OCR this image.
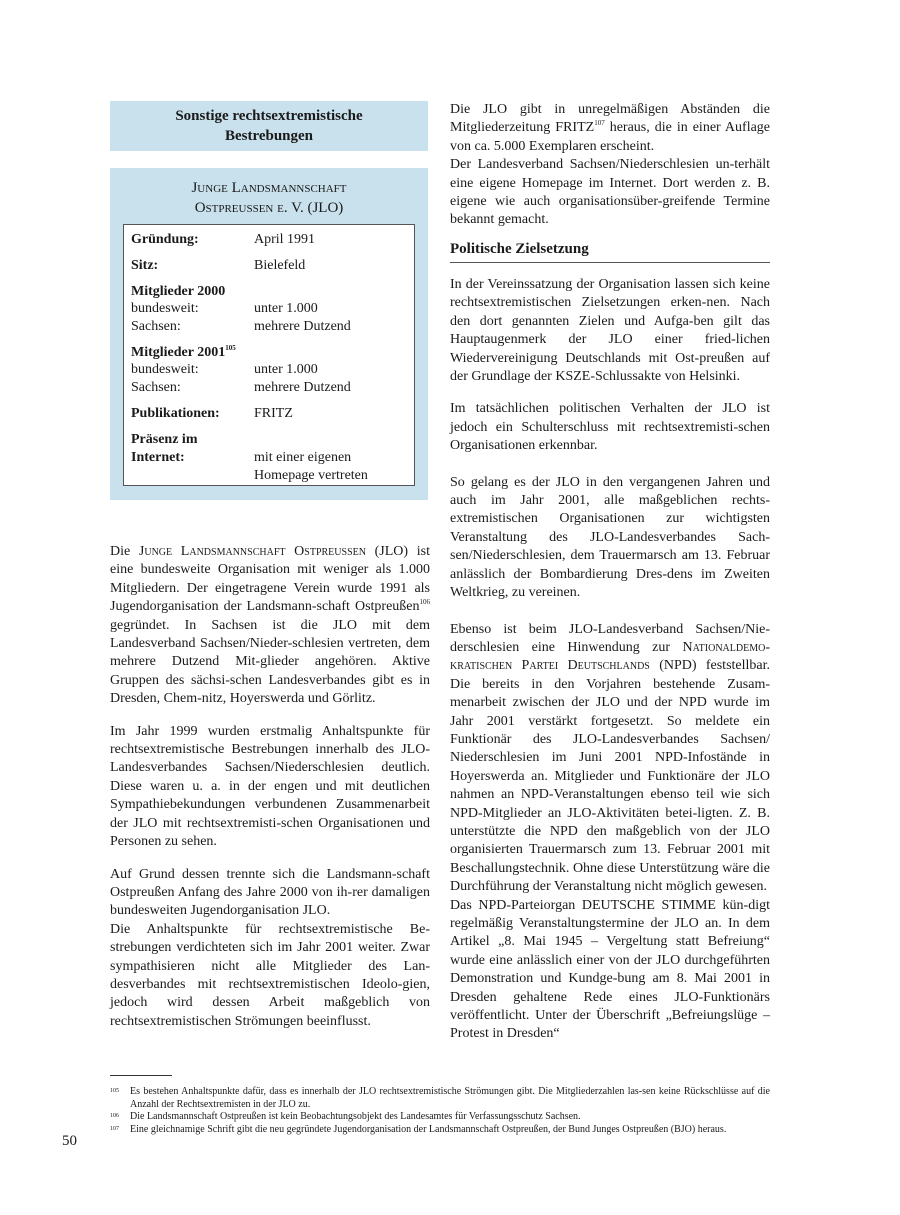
Sonstige rechtsextremistische
Bestrebungen
Junge Landsmannschaft
Ostpreußen e. V. (JLO)
Gründung:	April 1991
Sitz:	Bielefeld
Mitglieder 2000
bundesweit:	unter 1.000
Sachsen:	mehrere Dutzend
Mitglieder 2001$^{105}$
bundesweit:	unter 1.000
Sachsen:	mehrere Dutzend
Publikationen: FRITZ
Präsenz im
Internet:	mit einer eigenen
Homepage vertreten

Die Junge Landsmannschaft Ostpreußen (JLO) ist eine bundesweite Organisation mit weniger als 1.000 Mitgliedern. Der eingetragene Verein wurde 1991 als Jugendorganisation der Landsmann-schaft Ostpreußen$^{106}$ gegründet. In Sachsen ist die JLO mit dem Landesverband Sachsen/Nieder-schlesien vertreten, dem mehrere Dutzend Mit-glieder angehören. Aktive Gruppen des sächsi-schen Landesverbandes gibt es in Dresden, Chem-nitz, Hoyerswerda und Görlitz.

Im Jahr 1999 wurden erstmalig Anhaltspunkte für rechtsextremistische Bestrebungen innerhalb des JLO-Landesverbandes Sachsen/Niederschlesien deutlich. Diese waren u. a. in der engen und mit deutlichen Sympathiebekundungen verbundenen Zusammenarbeit der JLO mit rechtsextremisti-schen Organisationen und Personen zu sehen.

Auf Grund dessen trennte sich die Landsmann-schaft Ostpreußen Anfang des Jahre 2000 von ih-rer damaligen bundesweiten Jugendorganisation JLO.

Die Anhaltspunkte für rechtsextremistische Be-strebungen verdichteten sich im Jahr 2001 weiter. Zwar sympathisieren nicht alle Mitglieder des Lan-desverbandes mit rechtsextremistischen Ideolo-gien, jedoch wird dessen Arbeit maßgeblich von rechtsextremistischen Strömungen beeinflusst.

Die JLO gibt in unregelmäßigen Abständen die Mitgliederzeitung FRITZ$^{107}$ heraus, die in einer Auflage von ca. 5.000 Exemplaren erscheint.

Der Landesverband Sachsen/Niederschlesien un-terhält eine eigene Homepage im Internet. Dort werden z. B. eigene wie auch organisationsüber-greifende Termine bekannt gemacht.

Politische Zielsetzung

In der Vereinssatzung der Organisation lassen sich keine rechtsextremistischen Zielsetzungen erken-nen. Nach den dort genannten Zielen und Aufga-ben gilt das Hauptaugenmerk der JLO einer fried-lichen Wiedervereinigung Deutschlands mit Ost-preußen auf der Grundlage der KSZE-Schlussakte von Helsinki.

Im tatsächlichen politischen Verhalten der JLO ist jedoch ein Schulterschluss mit rechtsextremisti-schen Organisationen erkennbar.

So gelang es der JLO in den vergangenen Jahren und auch im Jahr 2001, alle maßgeblichen rechts-extremistischen Organisationen zur wichtigsten Veranstaltung des JLO-Landesverbandes Sach-sen/Niederschlesien, dem Trauermarsch am 13. Februar anlässlich der Bombardierung Dres-dens im Zweiten Weltkrieg, zu vereinen.

Ebenso ist beim JLO-Landesverband Sachsen/Nie-derschlesien eine Hinwendung zur Nationaldemo-kratischen Partei Deutschlands (NPD) feststellbar. Die bereits in den Vorjahren bestehende Zusam-menarbeit zwischen der JLO und der NPD wurde im Jahr 2001 verstärkt fortgesetzt. So meldete ein Funktionär des JLO-Landesverbandes Sachsen/ Niederschlesien im Juni 2001 NPD-Infostände in Hoyerswerda an. Mitglieder und Funktionäre der JLO nahmen an NPD-Veranstaltungen ebenso teil wie sich NPD-Mitglieder an JLO-Aktivitäten betei-ligten. Z. B. unterstützte die NPD den maßgeblich von der JLO organisierten Trauermarsch zum 13. Februar 2001 mit Beschallungstechnik. Ohne diese Unterstützung wäre die Durchführung der Veranstaltung nicht möglich gewesen.

Das NPD-Parteiorgan DEUTSCHE STIMME kün-digt regelmäßig Veranstaltungstermine der JLO an. In dem Artikel „8. Mai 1945 – Vergeltung statt Befreiung“ wurde eine anlässlich einer von der JLO durchgeführten Demonstration und Kundge-bung am 8. Mai 2001 in Dresden gehaltene Rede eines JLO-Funktionärs veröffentlicht. Unter der Überschrift „Befreiungslüge – Protest in Dresden“

105 Es bestehen Anhaltspunkte dafür, dass es innerhalb der JLO rechtsextremistische Strömungen gibt. Die Mitgliederzahlen las-sen keine Rückschlüsse auf die Anzahl der Rechtsextremisten in der JLO zu.
106 Die Landsmannschaft Ostpreußen ist kein Beobachtungsobjekt des Landesamtes für Verfassungsschutz Sachsen.
107 Eine gleichnamige Schrift gibt die neu gegründete Jugendorganisation der Landsmannschaft Ostpreußen, der Bund Junges Ostpreußen (BJO) heraus.
50
